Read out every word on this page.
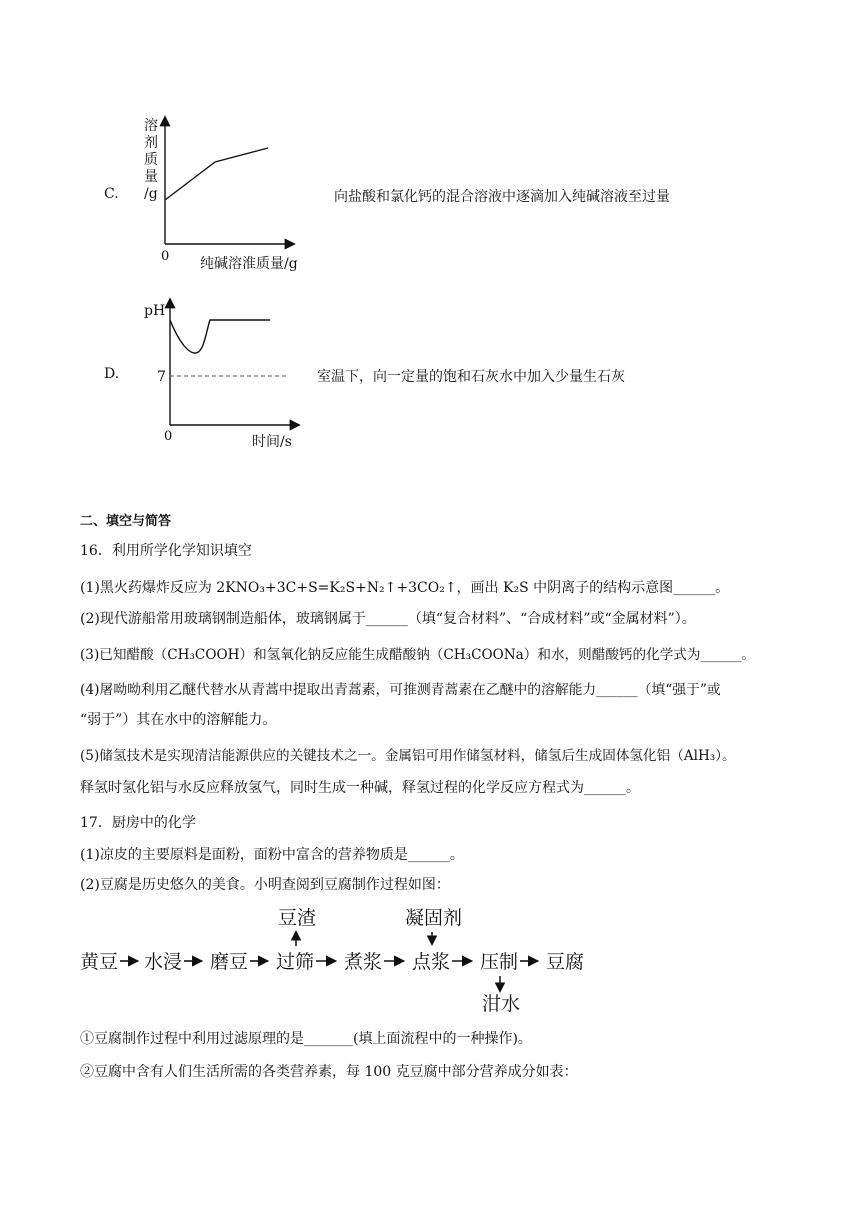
C.
溶
剂
质
量
/g
0 纯碱溶淮质量/g
向盐酸和氯化钙的混合溶液中逐滴加入纯碱溶液至过量
D.
pH
7
0	时间/s
室温下，向一定量的饱和石灰水中加入少量生石灰
二、填空与简答
16．利用所学化学知识填空
(1)黑火药爆炸反应为 2KNO₃+3C+S=K₂S+N₂↑+3CO₂↑，画出 K₂S 中阴离子的结构示意图______。
(2)现代游船常用玻璃钢制造船体，玻璃钢属于______（填“复合材料”、“合成材料”或“金属材料”）。
(3)已知醋酸（CH₃COOH）和氢氧化钠反应能生成醋酸钠（CH₃COONa）和水，则醋酸钙的化学式为______。
(4)屠呦呦利用乙醚代替水从青蒿中提取出青蒿素，可推测青蒿素在乙醚中的溶解能力______（填“强于”或
“弱于”）其在水中的溶解能力。
(5)储氢技术是实现清洁能源供应的关键技术之一。金属铝可用作储氢材料，储氢后生成固体氢化铝（AlH₃）。
释氢时氢化铝与水反应释放氢气，同时生成一种碱，释氢过程的化学反应方程式为______。
17．厨房中的化学
(1)凉皮的主要原料是面粉，面粉中富含的营养物质是______。
(2)豆腐是历史悠久的美食。小明查阅到豆腐制作过程如图：
黄豆 水浸 磨豆 过筛 煮浆 点浆 压制 豆腐
豆渣	凝固剂
泔水
①豆腐制作过程中利用过滤原理的是_______(填上面流程中的一种操作)。
②豆腐中含有人们生活所需的各类营养素，每 100 克豆腐中部分营养成分如表：
